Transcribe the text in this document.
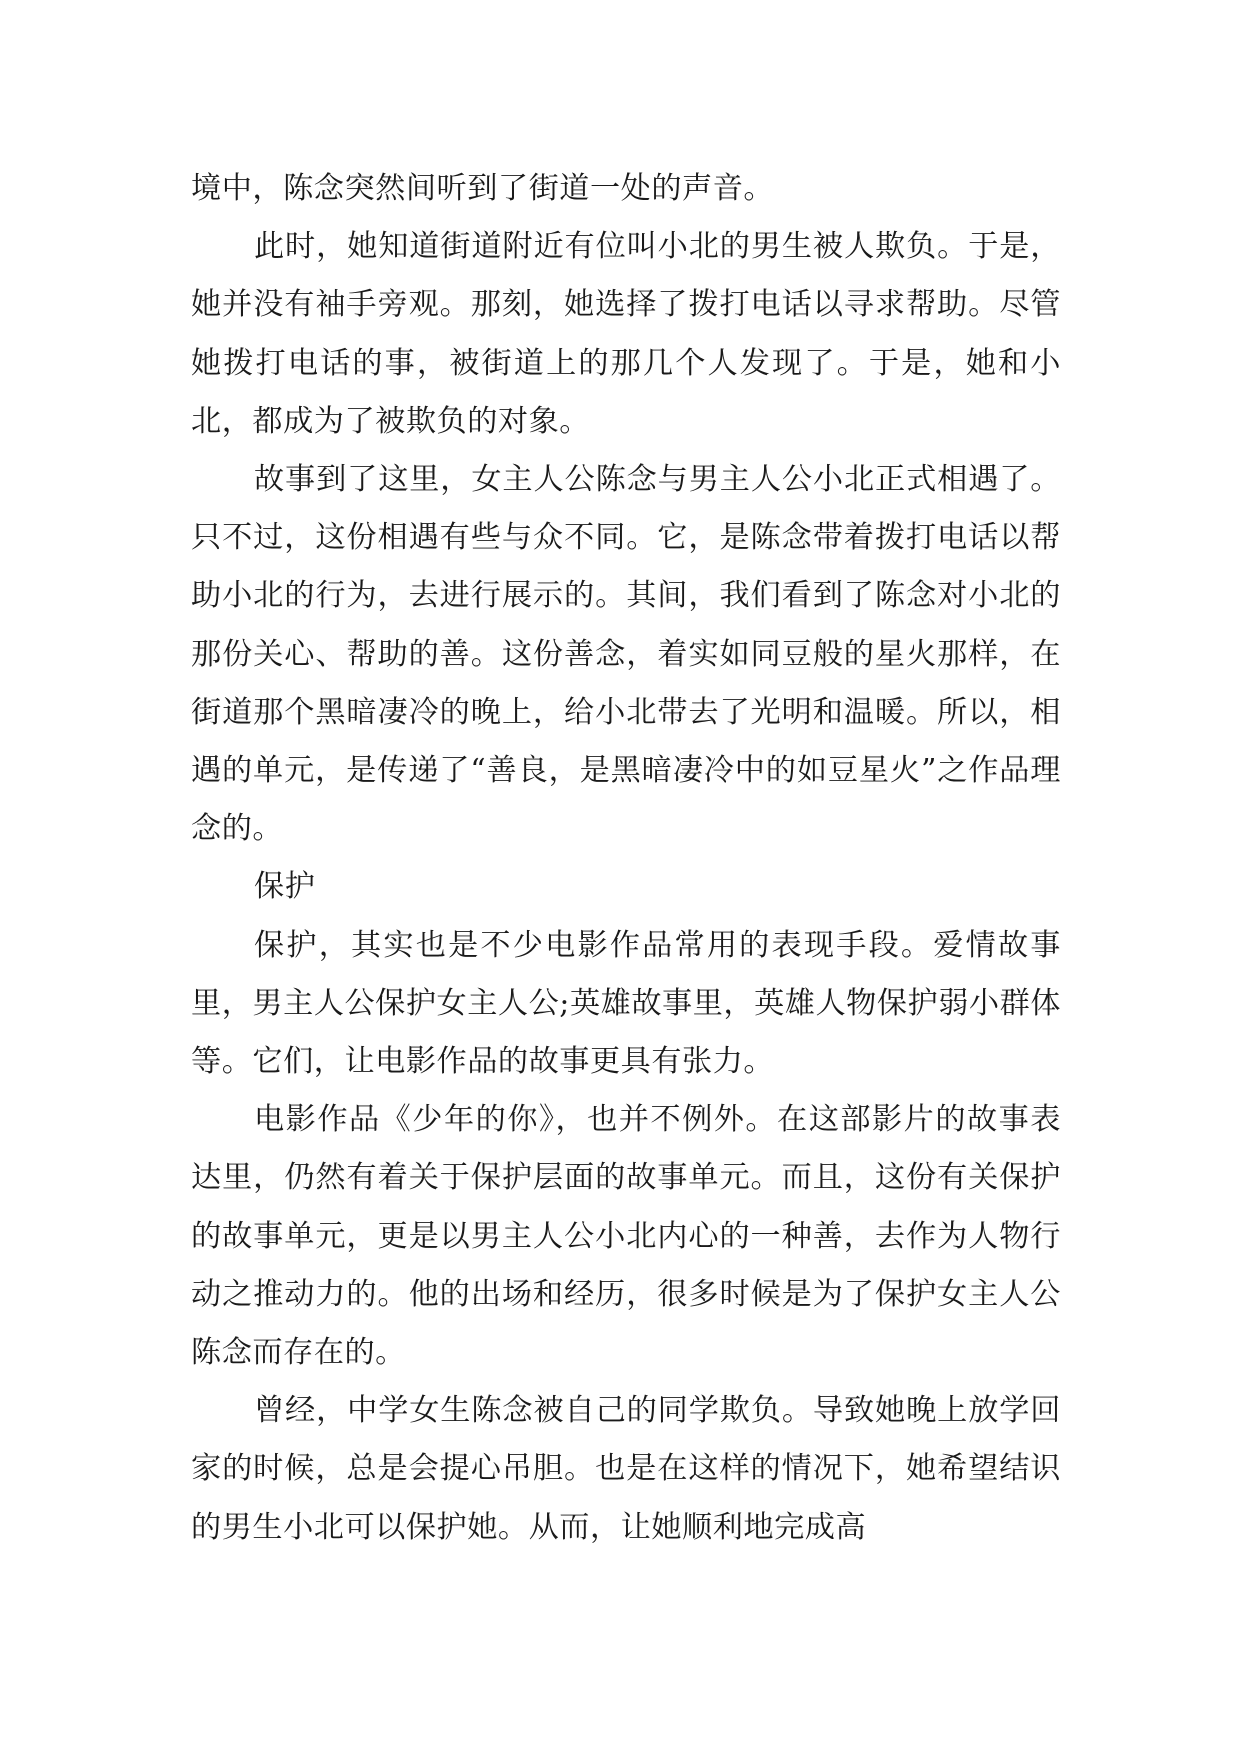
境中，陈念突然间听到了街道一处的声音。

此时，她知道街道附近有位叫小北的男生被人欺负。于是，她并没有袖手旁观。那刻，她选择了拨打电话以寻求帮助。尽管她拨打电话的事，被街道上的那几个人发现了。于是，她和小北，都成为了被欺负的对象。

故事到了这里，女主人公陈念与男主人公小北正式相遇了。只不过，这份相遇有些与众不同。它，是陈念带着拨打电话以帮助小北的行为，去进行展示的。其间，我们看到了陈念对小北的那份关心、帮助的善。这份善念，着实如同豆般的星火那样，在街道那个黑暗凄冷的晚上，给小北带去了光明和温暖。所以，相遇的单元，是传递了“善良，是黑暗凄冷中的如豆星火”之作品理念的。

保护

保护，其实也是不少电影作品常用的表现手段。爱情故事里，男主人公保护女主人公;英雄故事里，英雄人物保护弱小群体等。它们，让电影作品的故事更具有张力。

电影作品《少年的你》，也并不例外。在这部影片的故事表达里，仍然有着关于保护层面的故事单元。而且，这份有关保护的故事单元，更是以男主人公小北内心的一种善，去作为人物行动之推动力的。他的出场和经历，很多时候是为了保护女主人公陈念而存在的。

曾经，中学女生陈念被自己的同学欺负。导致她晚上放学回家的时候，总是会提心吊胆。也是在这样的情况下，她希望结识的男生小北可以保护她。从而，让她顺利地完成高
